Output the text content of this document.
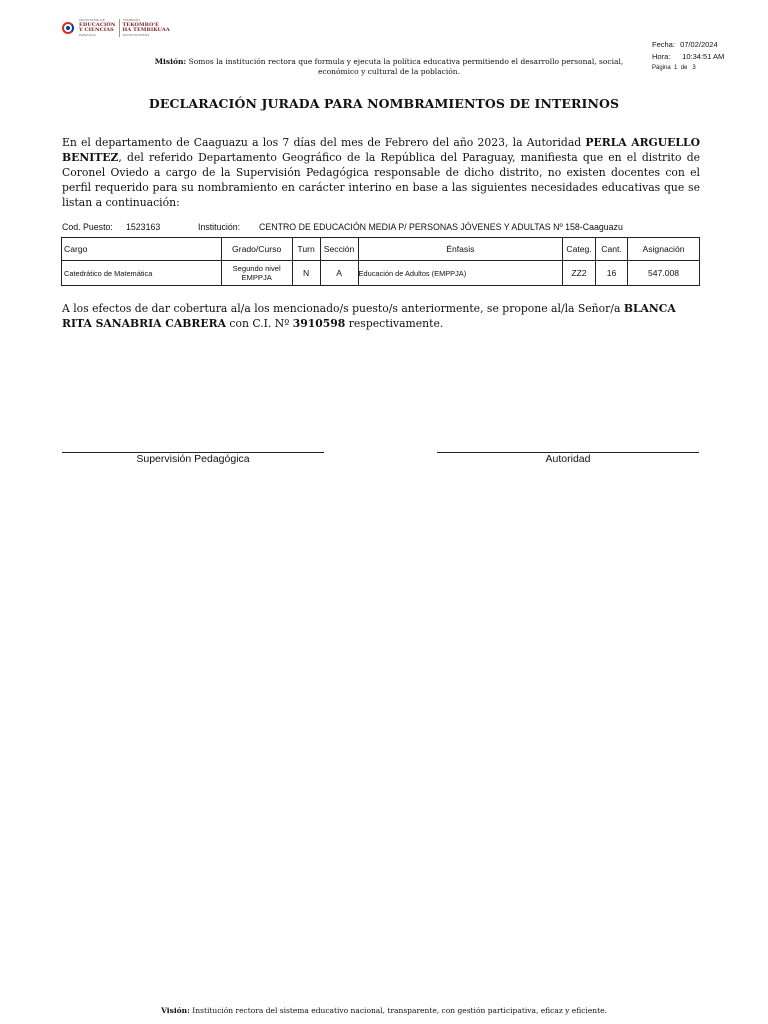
MINISTERIO DE
EDUCACIÓN
Y CIENCIAS
PARAGUAY
TEMBIAPO
TEKOMBO'E
HA TEMBIKUAA
MOTENONDEHA
Fecha:
07/02/2024
Hora:
	10:34:51 AM
Página
1
de
3
Misión: Somos la institución rectora que formula y ejecuta la política educativa permitiendo el desarrollo personal, social, económico y cultural de la población.
DECLARACIÓN JURADA PARA NOMBRAMIENTOS DE INTERINOS
En el departamento de Caaguazu a los 7 días del mes de Febrero del año 2023, la Autoridad PERLA ARGUELLO BENITEZ, del referido Departamento Geográfico de la República del Paraguay, manifiesta que en el distrito de Coronel Oviedo a cargo de la Supervisión Pedagógica responsable de dicho distrito, no existen docentes con el perfil requerido para su nombramiento en carácter interino en base a las siguientes necesidades educativas que se listan a continuación:
Cod. Puesto:	1523163	Institución:	CENTRO DE EDUCACIÓN MEDIA P/ PERSONAS JÓVENES Y ADULTAS Nº 158-Caaguazu
Cargo	Grado/Curso	Turn	Sección	Énfasis	Categ.	Cant.	Asignación
Catedrático de Matemática	Segundo nivel EMPPJA	N	A	Educación de Adultos (EMPPJA)	ZZ2	16	547.008
A los efectos de dar cobertura al/a los mencionado/s puesto/s anteriormente, se propone al/la Señor/a BLANCA RITA SANABRIA CABRERA con C.I. Nº 3910598 respectivamente.
Supervisión Pedagógica	Autoridad
Visión: Institución rectora del sistema educativo nacional, transparente, con gestión participativa, eficaz y eficiente.
